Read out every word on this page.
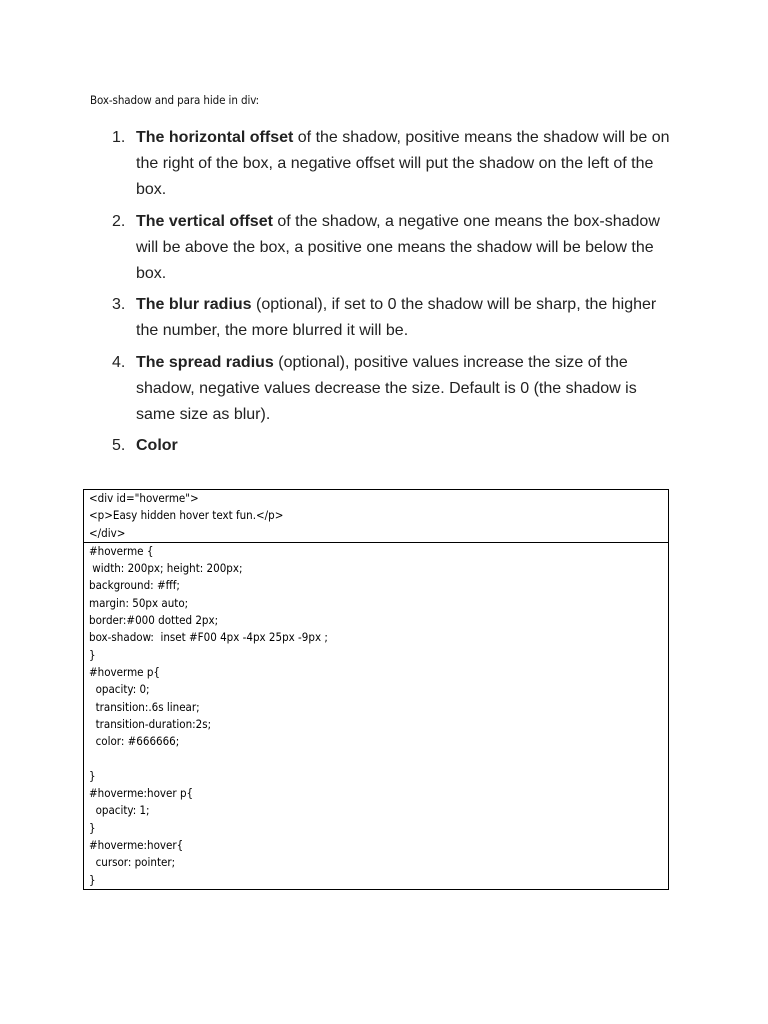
Box-shadow and para hide in div:
1. The horizontal offset of the shadow, positive means the shadow will be on the right of the box, a negative offset will put the shadow on the left of the box.
2. The vertical offset of the shadow, a negative one means the box-shadow will be above the box, a positive one means the shadow will be below the box.
3. The blur radius (optional), if set to 0 the shadow will be sharp, the higher the number, the more blurred it will be.
4. The spread radius (optional), positive values increase the size of the shadow, negative values decrease the size. Default is 0 (the shadow is same size as blur).
5. Color
<div id="hoverme">
<p>Easy hidden hover text fun.</p>
</div>
#hoverme {
width: 200px; height: 200px;
background: #fff;
margin: 50px auto;
border:#000 dotted 2px;
box-shadow:  inset #F00 4px -4px 25px -9px ;
}
#hoverme p{
opacity: 0;
transition:.6s linear;
transition-duration:2s;
color: #666666;
}
#hoverme:hover p{
opacity: 1;
}
#hoverme:hover{
cursor: pointer;
}
